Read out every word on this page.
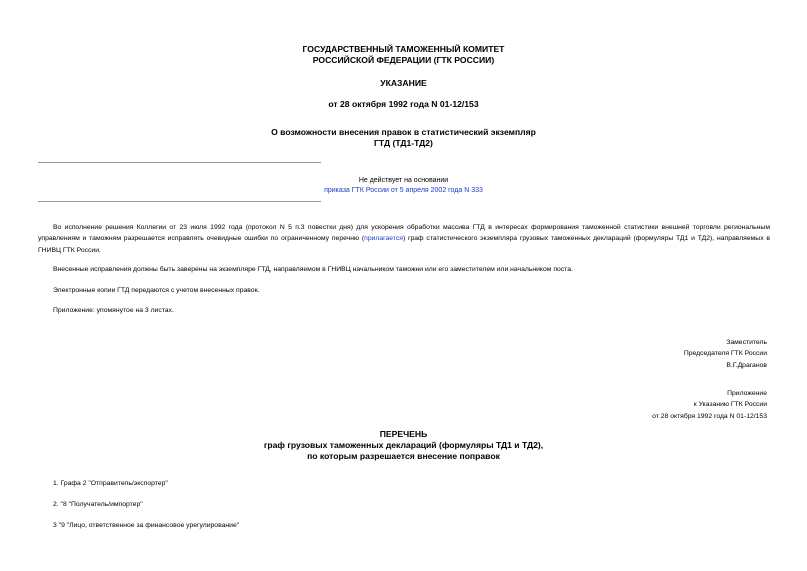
ГОСУДАРСТВЕННЫЙ ТАМОЖЕННЫЙ КОМИТЕТ
РОССИЙСКОЙ ФЕДЕРАЦИИ (ГТК РОССИИ)
УКАЗАНИЕ
от 28 октября 1992 года N 01-12/153
О возможности внесения правок в статистический экземпляр
ГТД (ТД1-ТД2)
Не действует на основании
приказа ГТК России от 5 апреля 2002 года N 333
Во исполнение решения Коллегии от 23 июля 1992 года (протокол N 5 п.3 повестки дня) для ускорения обработки массива ГТД в интересах формирования таможенной статистики внешней торговли региональным управлениям и таможням разрешается исправлять очевидные ошибки по ограниченному перечню (прилагается) граф статистического экземпляра грузовых таможенных деклараций (формуляры ТД1 и ТД2), направляемых в ГНИВЦ ГТК России.
Внесенные исправления должны быть заверены на экземпляре ГТД, направляемом в ГНИВЦ начальником таможни или его заместителем или начальником поста.
Электронные копии ГТД передаются с учетом внесенных правок.
Приложение: упомянутое на 3 листах.
Заместитель
Председателя ГТК России
В.Г.Драганов
Приложение
к Указанию ГТК России
от 28 октября 1992 года N 01-12/153
ПЕРЕЧЕНЬ
граф грузовых таможенных деклараций (формуляры ТД1 и ТД2),
по которым разрешается внесение поправок
1. Графа 2 "Отправитель/экспортер"
2. "8 "Получатель/импортер"
3 "9 "Лицо, ответственное за финансовое урегулирование"
